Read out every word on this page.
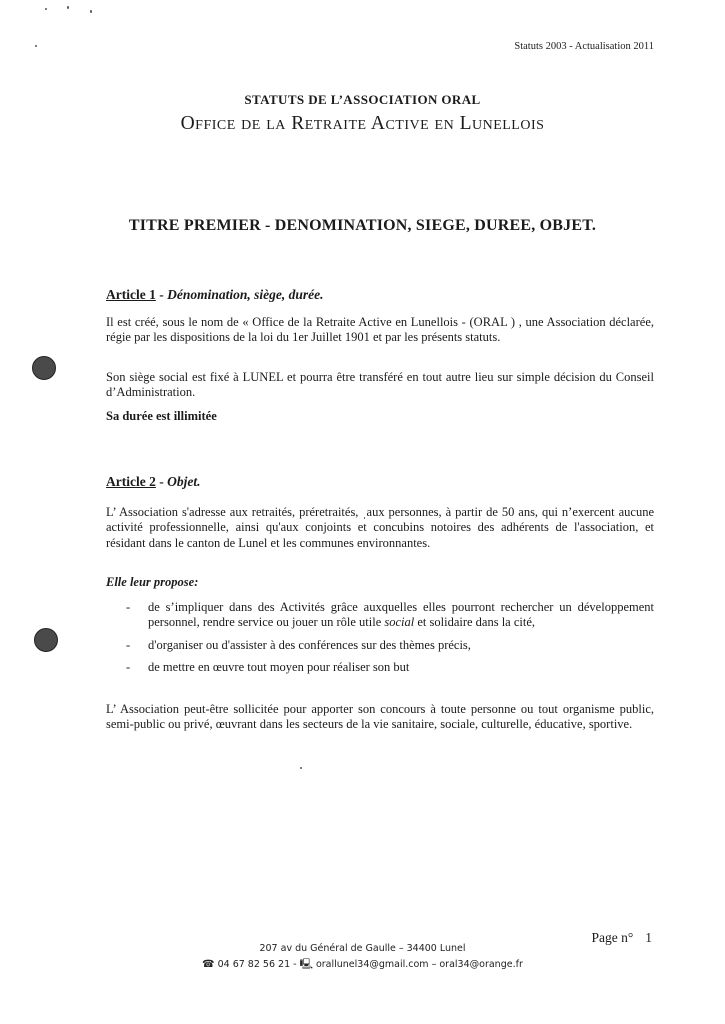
Statuts 2003 - Actualisation 2011
STATUTS DE L’ASSOCIATION ORAL
Office de la Retraite Active en Lunellois
TITRE PREMIER - DENOMINATION, SIEGE, DUREE, OBJET.
Article 1 - Dénomination, siège, durée.
Il est créé, sous le nom de « Office de la Retraite Active en Lunellois - (ORAL ) , une Association déclarée, régie par les dispositions de la loi du 1er Juillet 1901 et par les présents statuts.
Son siège social est fixé à LUNEL et pourra être transféré en tout autre lieu sur simple décision du Conseil d’Administration.
Sa durée est illimitée
Article 2 - Objet.
L’ Association s'adresse aux retraités, préretraités, ˌaux personnes, à partir de 50 ans, qui n’exercent aucune activité professionnelle, ainsi qu'aux conjoints et concubins notoires des adhérents de l'association, et résidant dans le canton de Lunel et les communes environnantes.
Elle leur propose:
- de s’impliquer dans des Activités grâce auxquelles elles pourront rechercher un développement personnel, rendre service ou jouer un rôle utile social et solidaire dans la cité,
- d'organiser ou d'assister à des conférences sur des thèmes précis,
- de mettre en œuvre tout moyen pour réaliser son but
L’ Association peut-être sollicitée pour apporter son concours à toute personne ou tout organisme public, semi-public ou privé, œuvrant dans les secteurs de la vie sanitaire, sociale, culturelle, éducative, sportive.
Page n° 1
207 av du Général de Gaulle – 34400 Lunel
☎ 04 67 82 56 21 - 🖳 orallunel34@gmail.com – oral34@orange.fr
